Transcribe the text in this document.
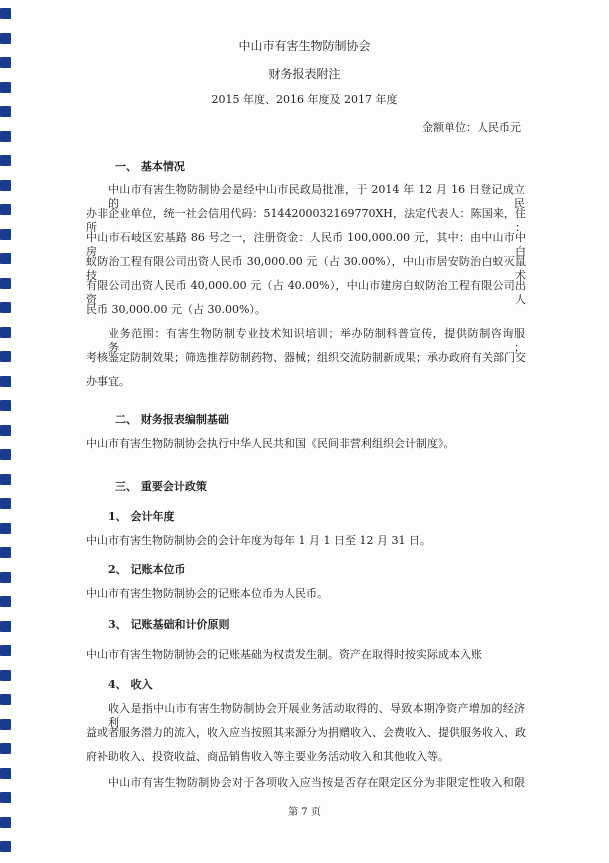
中山市有害生物防制协会
财务报表附注
2015 年度、2016 年度及 2017 年度
金额单位：人民币元
一、 基本情况
中山市有害生物防制协会是经中山市民政局批准，于 2014 年 12 月 16 日登记成立的民
办非企业单位，统一社会信用代码：5144200032169770XH，法定代表人：陈国来，住所：
中山市石岐区宏基路 86 号之一，注册资金：人民币 100,000.00 元，其中：由中山市中房白
蚁防治工程有限公司出资人民币 30,000.00 元（占 30.00%），中山市居安防治白蚁灭鼠技术
有限公司出资人民币 40,000.00 元（占 40.00%），中山市建房白蚁防治工程有限公司出资人
民币 30,000.00 元（占 30.00%）。
业务范围：有害生物防制专业技术知识培训；举办防制科普宣传，提供防制咨询服务；
考核鉴定防制效果；筛选推荐防制药物、器械；组织交流防制新成果；承办政府有关部门交
办事宜。
二、 财务报表编制基础
中山市有害生物防制协会执行中华人民共和国《民间非营利组织会计制度》。
三、 重要会计政策
1、 会计年度
中山市有害生物防制协会的会计年度为每年 1 月 1 日至 12 月 31 日。
2、 记账本位币
中山市有害生物防制协会的记账本位币为人民币。
3、 记账基础和计价原则
中山市有害生物防制协会的记账基础为权责发生制。资产在取得时按实际成本入账
4、 收入
收入是指中山市有害生物防制协会开展业务活动取得的、导致本期净资产增加的经济利
益或者服务潜力的流入，收入应当按照其来源分为捐赠收入、会费收入、提供服务收入、政
府补助收入、投资收益、商品销售收入等主要业务活动收入和其他收入等。
中山市有害生物防制协会对于各项收入应当按是否存在限定区分为非限定性收入和限
第 7 页
